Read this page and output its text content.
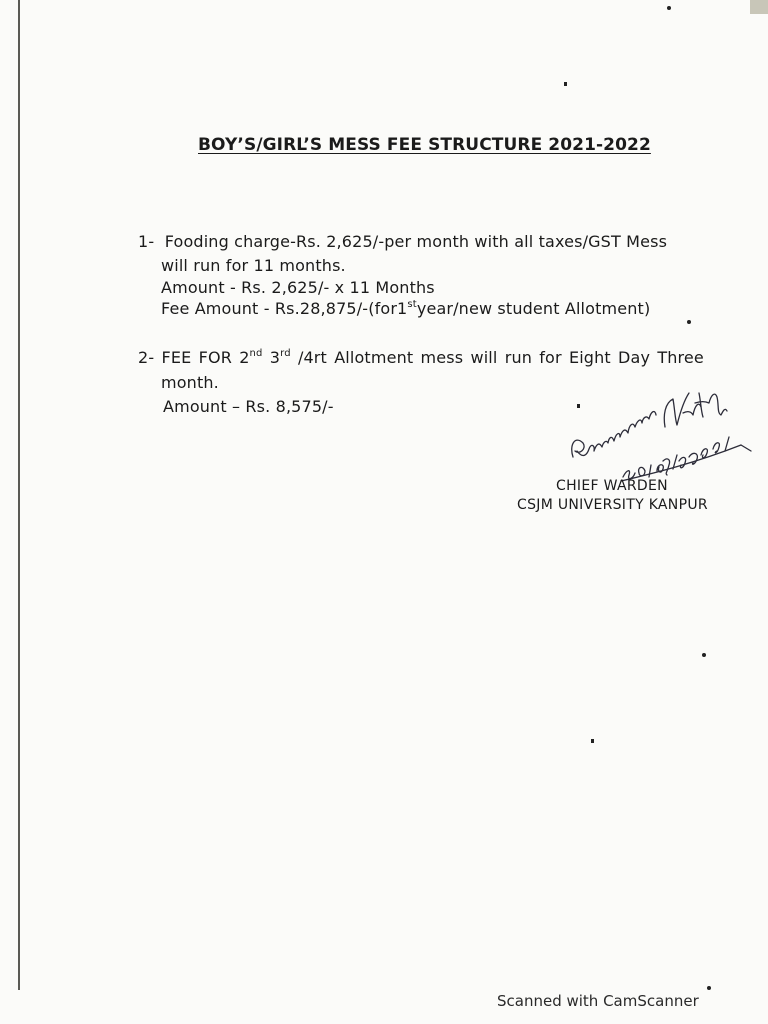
BOY’S/GIRL’S MESS FEE STRUCTURE 2021-2022
1- Fooding charge-Rs. 2,625/-per month with all taxes/GST Mess
will run for 11 months.
Amount - Rs. 2,625/- x 11 Months
Fee Amount - Rs.28,875/-(for1styear/new student Allotment)
2- FEE FOR 2nd 3rd /4rt Allotment mess will run for Eight Day Three
month.
Amount – Rs. 8,575/-
CHIEF WARDEN
CSJM UNIVERSITY KANPUR
Scanned with CamScanner
